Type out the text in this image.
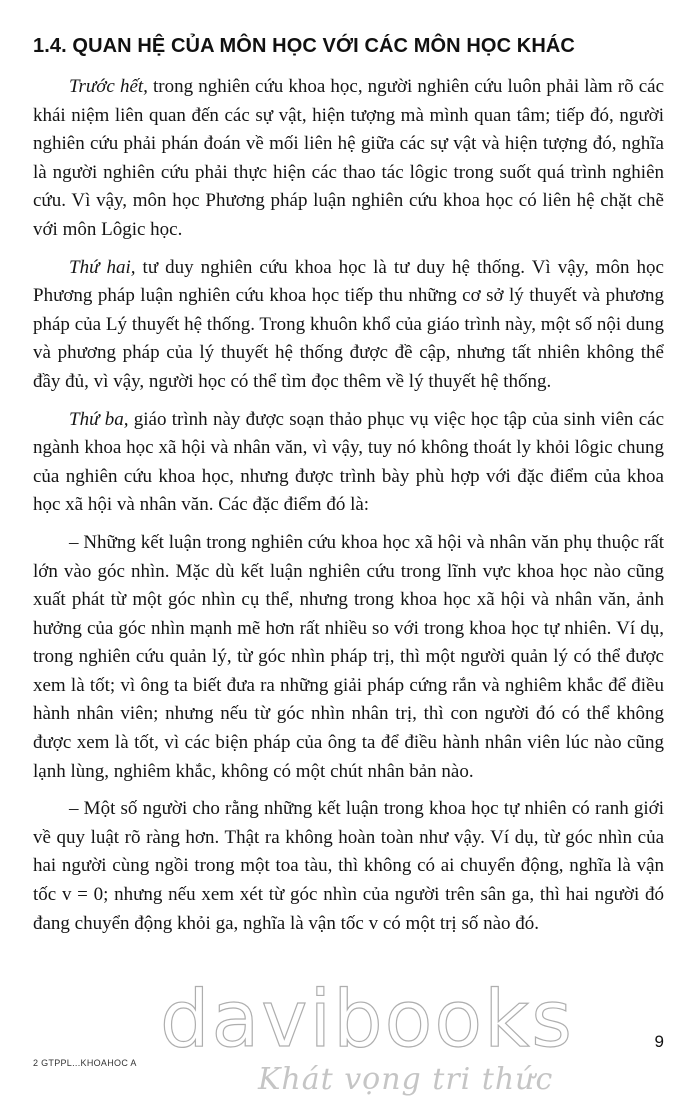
1.4. QUAN HỆ CỦA MÔN HỌC VỚI CÁC MÔN HỌC KHÁC

Trước hết, trong nghiên cứu khoa học, người nghiên cứu luôn phải làm rõ các khái niệm liên quan đến các sự vật, hiện tượng mà mình quan tâm; tiếp đó, người nghiên cứu phải phán đoán về mối liên hệ giữa các sự vật và hiện tượng đó, nghĩa là người nghiên cứu phải thực hiện các thao tác lôgic trong suốt quá trình nghiên cứu. Vì vậy, môn học Phương pháp luận nghiên cứu khoa học có liên hệ chặt chẽ với môn Lôgic học.

Thứ hai, tư duy nghiên cứu khoa học là tư duy hệ thống. Vì vậy, môn học Phương pháp luận nghiên cứu khoa học tiếp thu những cơ sở lý thuyết và phương pháp của Lý thuyết hệ thống. Trong khuôn khổ của giáo trình này, một số nội dung và phương pháp của lý thuyết hệ thống được đề cập, nhưng tất nhiên không thể đầy đủ, vì vậy, người học có thể tìm đọc thêm về lý thuyết hệ thống.

Thứ ba, giáo trình này được soạn thảo phục vụ việc học tập của sinh viên các ngành khoa học xã hội và nhân văn, vì vậy, tuy nó không thoát ly khỏi lôgic chung của nghiên cứu khoa học, nhưng được trình bày phù hợp với đặc điểm của khoa học xã hội và nhân văn. Các đặc điểm đó là:

– Những kết luận trong nghiên cứu khoa học xã hội và nhân văn phụ thuộc rất lớn vào góc nhìn. Mặc dù kết luận nghiên cứu trong lĩnh vực khoa học nào cũng xuất phát từ một góc nhìn cụ thể, nhưng trong khoa học xã hội và nhân văn, ảnh hưởng của góc nhìn mạnh mẽ hơn rất nhiều so với trong khoa học tự nhiên. Ví dụ, trong nghiên cứu quản lý, từ góc nhìn pháp trị, thì một người quản lý có thể được xem là tốt; vì ông ta biết đưa ra những giải pháp cứng rắn và nghiêm khắc để điều hành nhân viên; nhưng nếu từ góc nhìn nhân trị, thì con người đó có thể không được xem là tốt, vì các biện pháp của ông ta để điều hành nhân viên lúc nào cũng lạnh lùng, nghiêm khắc, không có một chút nhân bản nào.

– Một số người cho rằng những kết luận trong khoa học tự nhiên có ranh giới về quy luật rõ ràng hơn. Thật ra không hoàn toàn như vậy. Ví dụ, từ góc nhìn của hai người cùng ngồi trong một toa tàu, thì không có ai chuyển động, nghĩa là vận tốc v = 0; nhưng nếu xem xét từ góc nhìn của người trên sân ga, thì hai người đó đang chuyển động khỏi ga, nghĩa là vận tốc v có một trị số nào đó.

davibooks	9
2 GTPPL...KHOAHOC A	Khát vọng tri thức
